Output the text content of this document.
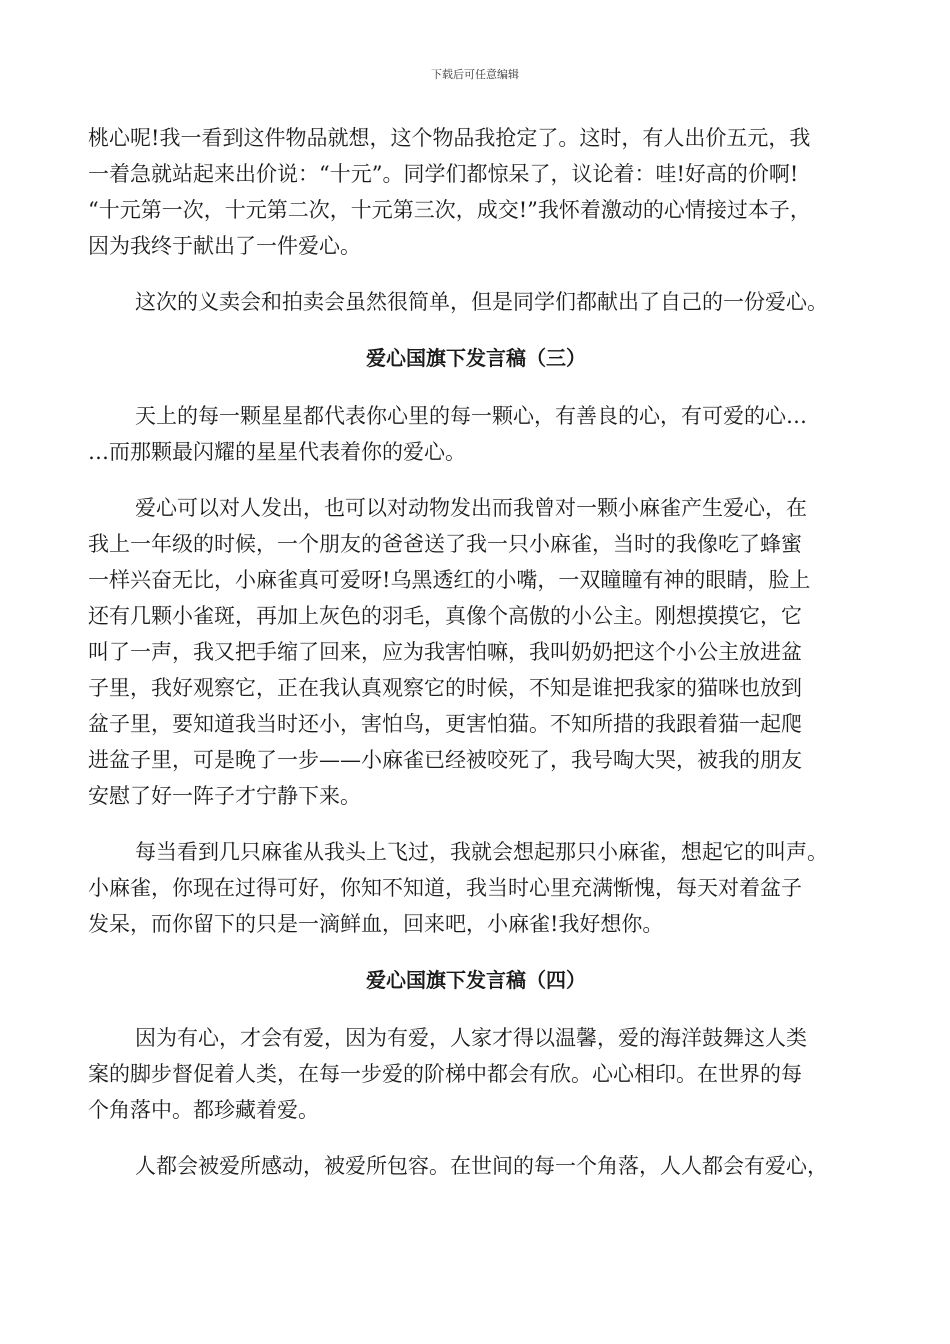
下载后可任意编辑
桃心呢!我一看到这件物品就想，这个物品我抢定了。这时，有人出价五元，我
一着急就站起来出价说：“十元”。同学们都惊呆了，议论着：哇!好高的价啊!
“十元第一次，十元第二次，十元第三次，成交!”我怀着激动的心情接过本子，
因为我终于献出了一件爱心。
这次的义卖会和拍卖会虽然很简单，但是同学们都献出了自己的一份爱心。
爱心国旗下发言稿（三）
天上的每一颗星星都代表你心里的每一颗心，有善良的心，有可爱的心…
…而那颗最闪耀的星星代表着你的爱心。
爱心可以对人发出，也可以对动物发出而我曾对一颗小麻雀产生爱心，在
我上一年级的时候，一个朋友的爸爸送了我一只小麻雀，当时的我像吃了蜂蜜
一样兴奋无比，小麻雀真可爱呀!乌黑透红的小嘴，一双瞳瞳有神的眼睛，脸上
还有几颗小雀斑，再加上灰色的羽毛，真像个高傲的小公主。刚想摸摸它，它
叫了一声，我又把手缩了回来，应为我害怕嘛，我叫奶奶把这个小公主放进盆
子里，我好观察它，正在我认真观察它的时候，不知是谁把我家的猫咪也放到
盆子里，要知道我当时还小，害怕鸟，更害怕猫。不知所措的我跟着猫一起爬
进盆子里，可是晚了一步——小麻雀已经被咬死了，我号啕大哭，被我的朋友
安慰了好一阵子才宁静下来。
每当看到几只麻雀从我头上飞过，我就会想起那只小麻雀，想起它的叫声。
小麻雀，你现在过得可好，你知不知道，我当时心里充满惭愧，每天对着盆子
发呆，而你留下的只是一滴鲜血，回来吧，小麻雀!我好想你。
爱心国旗下发言稿（四）
因为有心，才会有爱，因为有爱，人家才得以温馨，爱的海洋鼓舞这人类
案的脚步督促着人类，在每一步爱的阶梯中都会有欣。心心相印。在世界的每
个角落中。都珍藏着爱。
人都会被爱所感动，被爱所包容。在世间的每一个角落，人人都会有爱心，
